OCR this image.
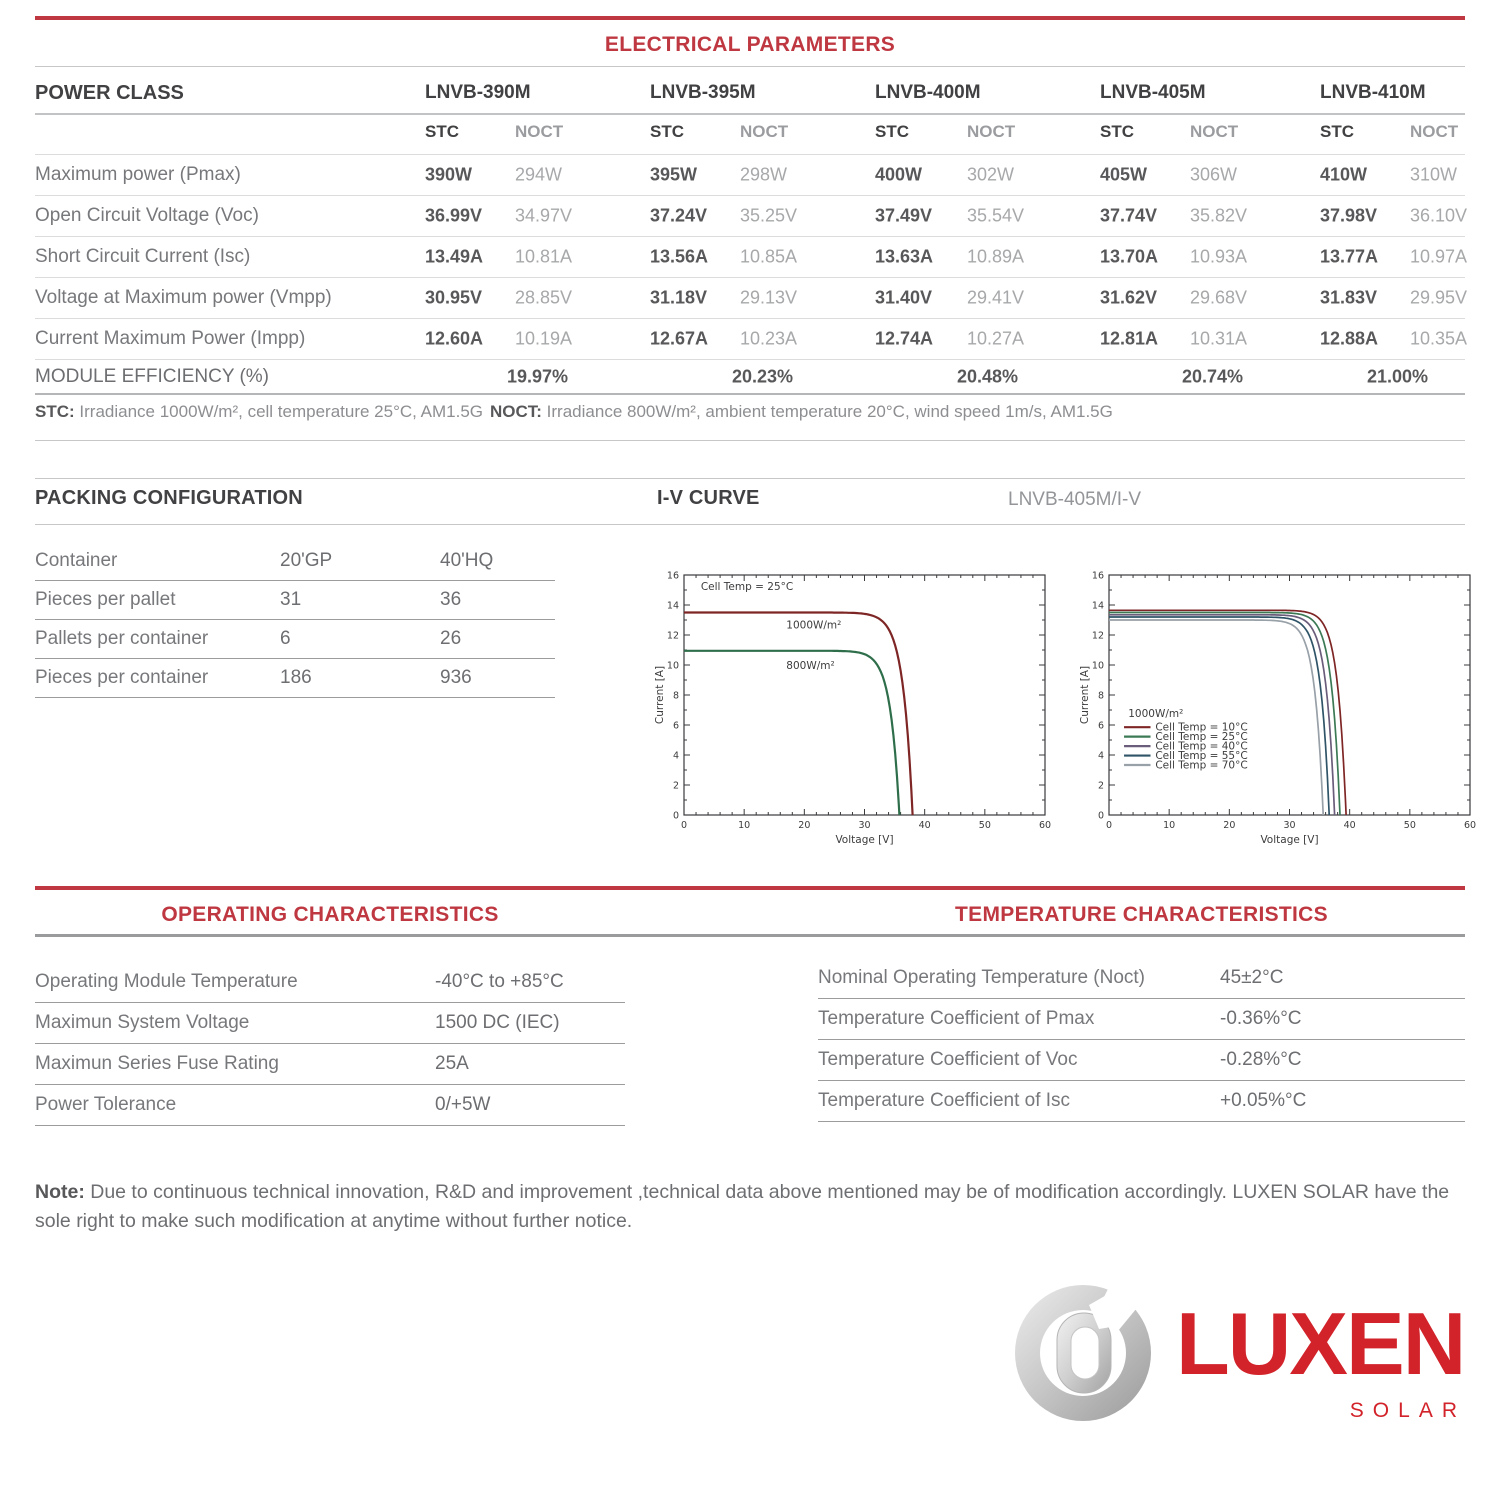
ELECTRICAL PARAMETERS
POWER CLASS	LNVB-390M	LNVB-395M	LNVB-400M	LNVB-405M	LNVB-410M
STC	NOCT	STC	NOCT	STC	NOCT	STC	NOCT	STC	NOCT
Maximum power (Pmax)	390W 294W	395W 298W	400W 302W	405W 306W	410W 310W
Open Circuit Voltage (Voc)	36.99V 34.97V	37.24V 35.25V	37.49V 35.54V	37.74V 35.82V	37.98V 36.10V
Short Circuit Current (Isc)	13.49A 10.81A	13.56A 10.85A	13.63A 10.89A	13.70A 10.93A	13.77A 10.97A
Voltage at Maximum power (Vmpp)	30.95V 28.85V	31.18V 29.13V	31.40V 29.41V	31.62V 29.68V	31.83V 29.95V
Current Maximum Power (Impp)	12.60A 10.19A	12.67A 10.23A	12.74A 10.27A	12.81A 10.31A	12.88A 10.35A
MODULE EFFICIENCY (%)	19.97%	20.23%	20.48%	20.74%	21.00%
STC: Irradiance 1000W/m², cell temperature 25°C, AM1.5G NOCT: Irradiance 800W/m², ambient temperature 20°C, wind speed 1m/s, AM1.5G
PACKING CONFIGURATION	I-V CURVE	LNVB-405M/I-V
Container	20'GP	40'HQ
Pieces per pallet	31	36
Pallets per container	6	26
Pieces per container	186	936
0	10	20	30	40	50	60
0
2
4
6
8
10
12
14
16
Voltage [V]
Current [A]
Cell Temp = 25°C
1000W/m²
800W/m²
0	10	20	30	40	50	60
0
2
4
6
8
10
12
14
16
Voltage [V]
Current [A]	1000W/m²
Cell Temp = 10°C
Cell Temp = 25°C
Cell Temp = 40°C
Cell Temp = 55°C
Cell Temp = 70°C
OPERATING CHARACTERISTICS	TEMPERATURE CHARACTERISTICS
Operating Module Temperature	-40°C to +85°C
Maximun System Voltage	1500 DC (IEC)
Maximun Series Fuse Rating	25A
Power Tolerance	0/+5W
Nominal Operating Temperature (Noct)	45±2°C
Temperature Coefficient of Pmax	-0.36%°C
Temperature Coefficient of Voc	-0.28%°C
Temperature Coefficient of Isc	+0.05%°C
Note: Due to continuous technical innovation, R&D and improvement ,technical data above mentioned may be of modification accordingly. LUXEN SOLAR have the sole right to make such modification at anytime without further notice.
LUXEN
SOLAR
